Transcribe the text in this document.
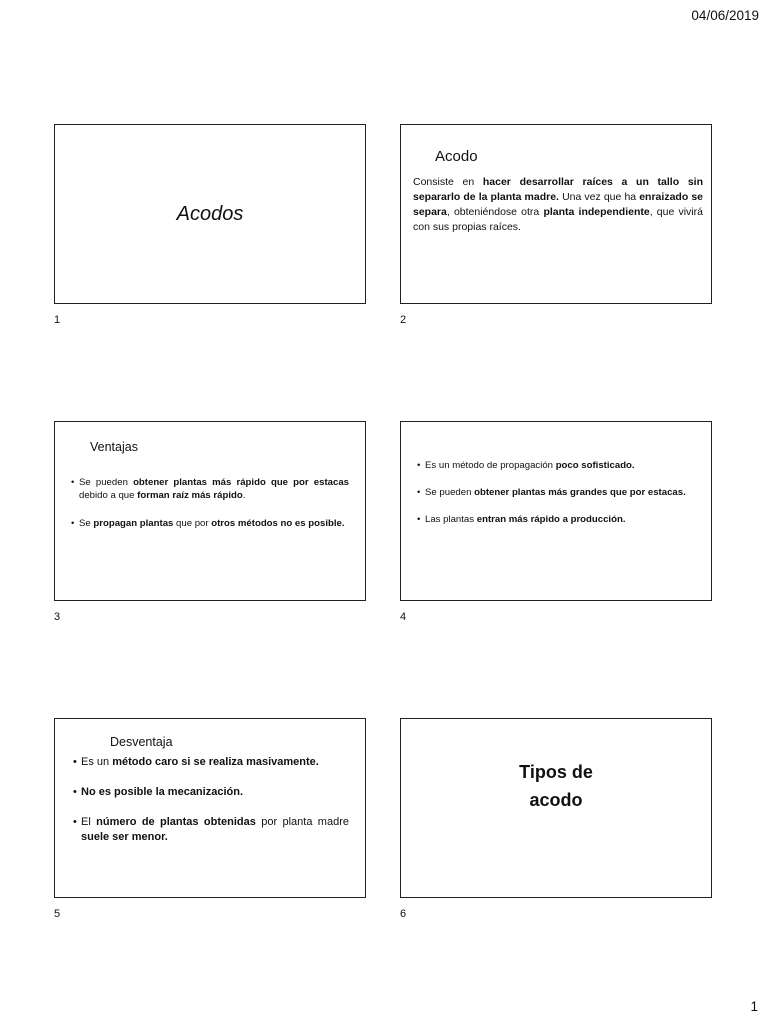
04/06/2019
Acodos
1
Acodo
Consiste en hacer desarrollar raíces a un tallo sin separarlo de la planta madre. Una vez que ha enraizado se separa, obteniéndose otra planta independiente, que vivirá con sus propias raíces.
2
Ventajas
• Se pueden obtener plantas más rápido que por estacas debido a que forman raíz más rápido.
• Se propagan plantas que por otros métodos no es posible.
3
• Es un método de propagación poco sofisticado.
• Se pueden obtener plantas más grandes que por estacas.
• Las plantas entran más rápido a producción.
4
Desventaja
• Es un método caro si se realiza masivamente.
• No es posible la mecanización.
• El número de plantas obtenidas por planta madre suele ser menor.
5
Tipos de
acodo
6
1
